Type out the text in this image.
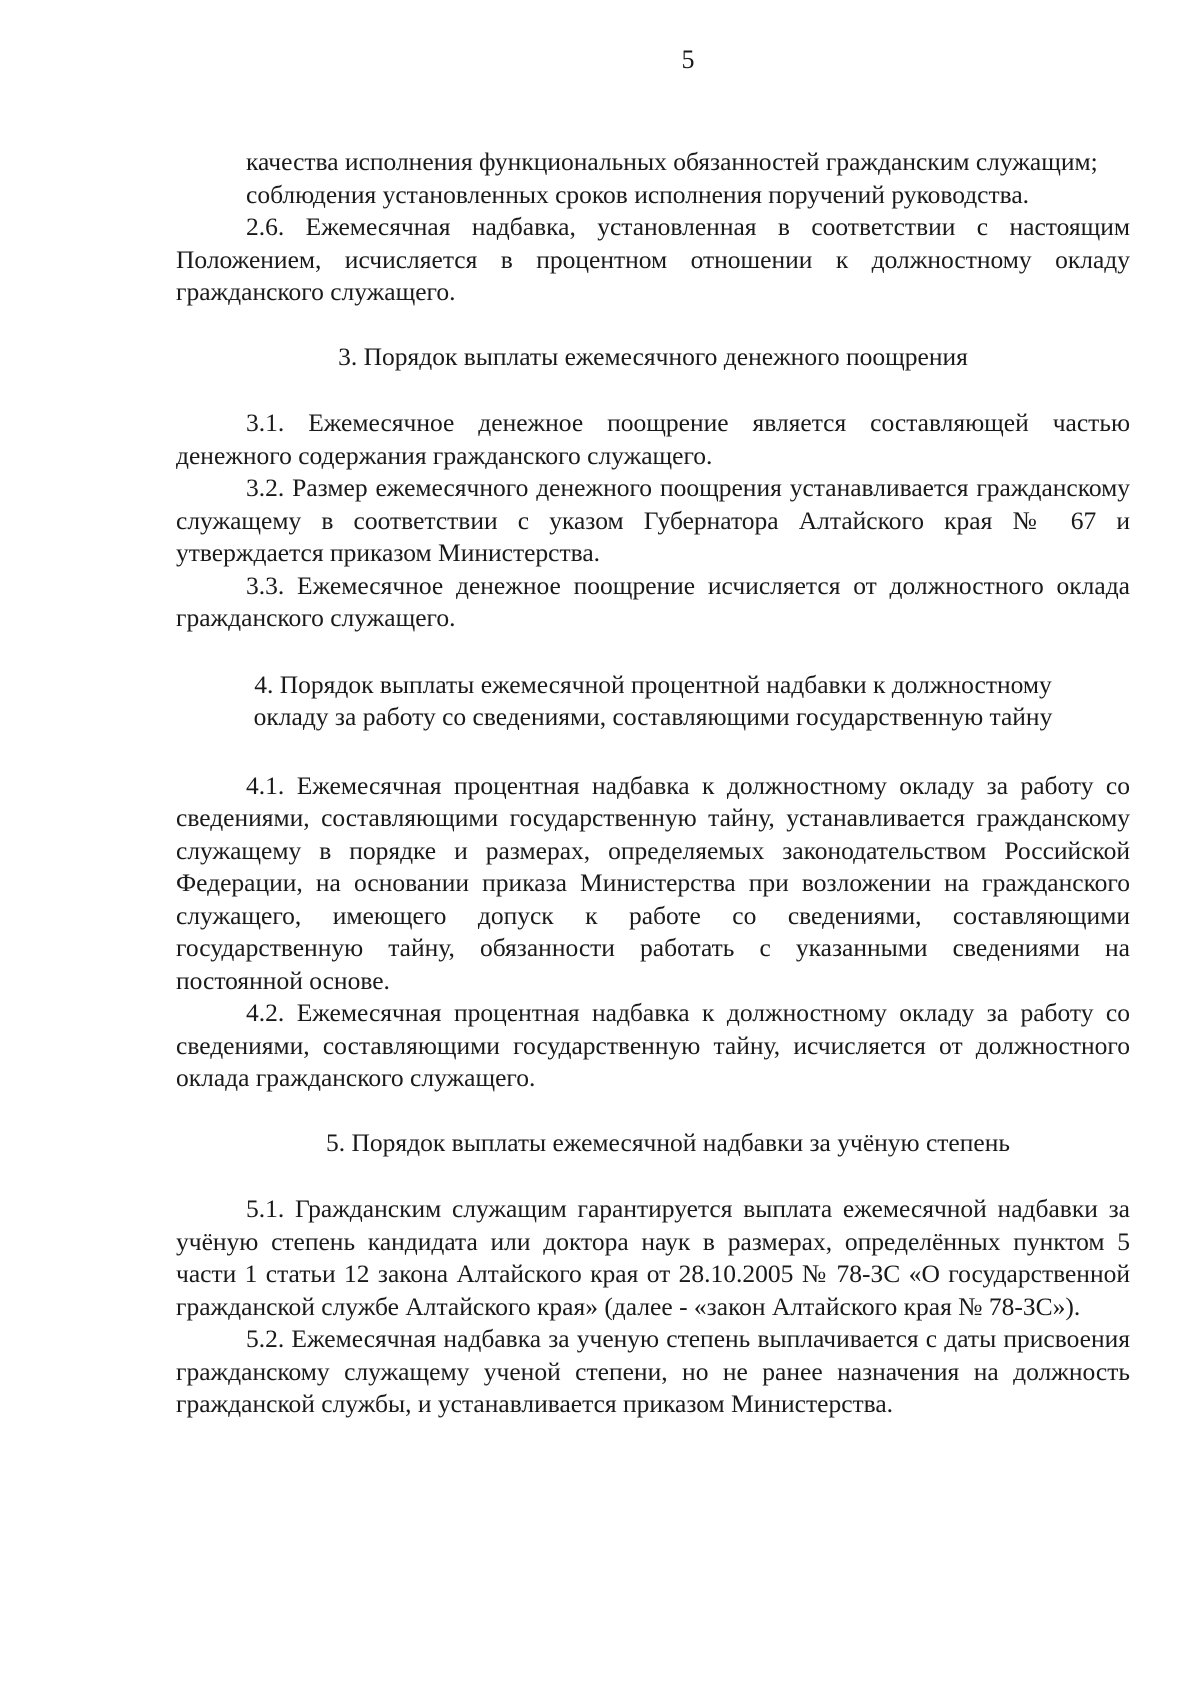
5

качества исполнения функциональных обязанностей гражданским служащим;

соблюдения установленных сроков исполнения поручений руководства.

2.6. Ежемесячная надбавка, установленная в соответствии с настоящим Положением, исчисляется в процентном отношении к должностному окладу гражданского служащего.

3. Порядок выплаты ежемесячного денежного поощрения

3.1. Ежемесячное денежное поощрение является составляющей частью денежного содержания гражданского служащего.

3.2. Размер ежемесячного денежного поощрения устанавливается гражданскому служащему в соответствии с указом Губернатора Алтайского края № 67 и утверждается приказом Министерства.

3.3. Ежемесячное денежное поощрение исчисляется от должностного оклада гражданского служащего.

4. Порядок выплаты ежемесячной процентной надбавки к должностному окладу за работу со сведениями, составляющими государственную тайну

4.1. Ежемесячная процентная надбавка к должностному окладу за работу со сведениями, составляющими государственную тайну, устанавливается гражданскому служащему в порядке и размерах, определяемых законодательством Российской Федерации, на основании приказа Министерства при возложении на гражданского служащего, имеющего допуск к работе со сведениями, составляющими государственную тайну, обязанности работать с указанными сведениями на постоянной основе.

4.2. Ежемесячная процентная надбавка к должностному окладу за работу со сведениями, составляющими государственную тайну, исчисляется от должностного оклада гражданского служащего.

5. Порядок выплаты ежемесячной надбавки за учёную степень

5.1. Гражданским служащим гарантируется выплата ежемесячной надбавки за учёную степень кандидата или доктора наук в размерах, определённых пунктом 5 части 1 статьи 12 закона Алтайского края от 28.10.2005 № 78-ЗС «О государственной гражданской службе Алтайского края» (далее - «закон Алтайского края № 78-ЗС»).

5.2. Ежемесячная надбавка за ученую степень выплачивается с даты присвоения гражданскому служащему ученой степени, но не ранее назначения на должность гражданской службы, и устанавливается приказом Министерства.
